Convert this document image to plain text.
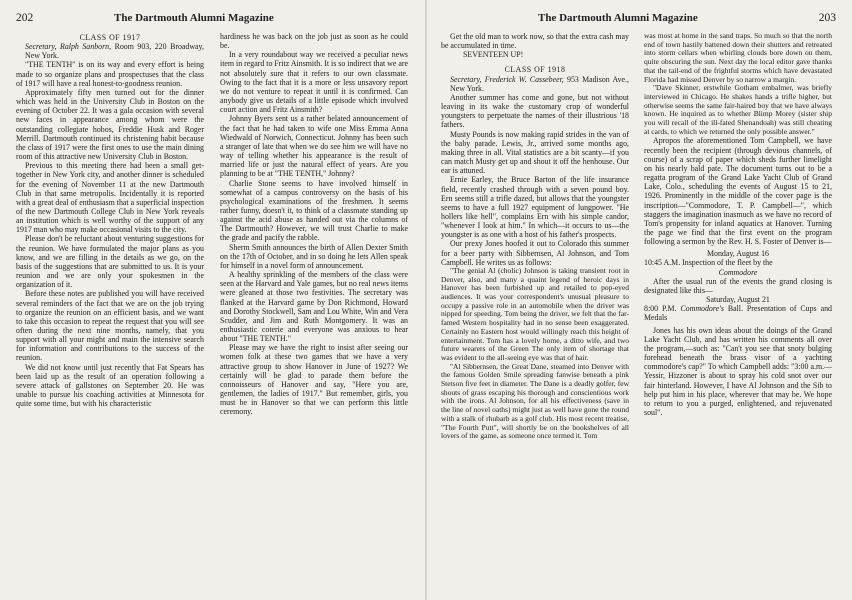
202	The Dartmouth Alumni Magazine

CLASS OF 1917

Secretary, Ralph Sanborn, Room 903, 220 Broadway, New York.

"THE TENTH" is on its way and every effort is being made to so organize plans and prospectuses that the class of 1917 will have a real honest-to-goodness reunion.

Approximately fifty men turned out for the dinner which was held in the University Club in Boston on the evening of October 22. It was a gala occasion with several new faces in appearance among whom were the outstanding collegiate hobos, Freddie Husk and Roger Merrill. Dartmouth continued its christening habit because the class of 1917 were the first ones to use the main dining room of this attractive new University Club in Boston.

Previous to this meeting there had been a small get-together in New York city, and another dinner is scheduled for the evening of November 11 at the new Dartmouth Club in that same metropolis. Incidentally it is reported with a great deal of enthusiasm that a superficial inspection of the new Dartmouth College Club in New York reveals an institution which is well worthy of the support of any 1917 man who may make occasional visits to the city.

Please don't be reluctant about venturing suggestions for the reunion. We have formulated the major plans as you know, and we are filling in the details as we go, on the basis of the suggestions that are submitted to us. It is your reunion and we are only your spokesmen in the organization of it.

Before these notes are published you will have received several reminders of the fact that we are on the job trying to organize the reunion on an efficient basis, and we want to take this occasion to repeat the request that you will see often during the next nine months, namely, that you support with all your might and main the intensive search for information and contributions to the success of the reunion.

We did not know until just recently that Fat Spears has been laid up as the result of an operation following a severe attack of gallstones on September 20. He was unable to pursue his coaching activities at Minnesota for quite some time, but with his characteristic

hardiness he was back on the job just as soon as he could be.

In a very roundabout way we received a peculiar news item in regard to Fritz Ainsmith. It is so indirect that we are not absolutely sure that it refers to our own classmate. Owing to the fact that it is a more or less unsavory report we do not venture to repeat it until it is confirmed. Can anybody give us details of a little episode which involved court action and Fritz Ainsmith?

Johnny Byers sent us a rather belated announcement of the fact that he had taken to wife one Miss Emma Anna Wiedwald of Norwich, Connecticut. Johnny has been such a stranger of late that when we do see him we will have no way of telling whether his appearance is the result of married life or just the natural effect of years. Are you planning to be at "THE TENTH," Johnny?

Charlie Stone seems to have involved himself in somewhat of a campus controversy on the basis of his psychological examinations of the freshmen. It seems rather funny, doesn't it, to think of a classmate standing up against the acid abuse as handed out via the columns of The Dartmouth? However, we will trust Charlie to make the grade and pacify the rabble.

Sherm Smith announces the birth of Allen Dexter Smith on the 17th of October, and in so doing he lets Allen speak for himself in a novel form of announcement.

A healthy sprinkling of the members of the class were seen at the Harvard and Yale games, but no real news items were gleaned at those two festivities. The secretary was flanked at the Harvard game by Don Richmond, Howard and Dorothy Stockwell, Sam and Lou White, Win and Vera Scudder, and Jim and Ruth Montgomery. It was an enthusiastic coterie and everyone was anxious to hear about "THE TENTH."

Please may we have the right to insist after seeing our women folk at these two games that we have a very attractive group to show Hanover in June of 1927? We certainly will be glad to parade them before the connoisseurs of Hanover and say, "Here you are, gentlemen, the ladies of 1917." But remember, girls, you must be in Hanover so that we can perform this little ceremony.

The Dartmouth Alumni Magazine	203

Get the old man to work now, so that the extra cash may be accumulated in time.

SEVENTEEN UP!

CLASS OF 1918

Secretary, Frederick W. Cassebeer, 953 Madison Ave., New York.

Another summer has come and gone, but not without leaving in its wake the customary crop of wonderful youngsters to perpetuate the names of their illustrious '18 fathers.

Musty Pounds is now making rapid strides in the van of the baby parade. Lewis, Jr., arrived some months ago, making three in all. Vital statistics are a bit scanty—if you can match Musty get up and shout it off the henhouse. Our ear is attuned.

Ernie Earley, the Bruce Barton of the life insurance field, recently crashed through with a seven pound boy. Ern seems still a trifle dazed, but allows that the youngster seems to have a full 1927 equipment of lungpower. "He hollers like hell", complains Ern with his simple candor, "whenever I look at him." In which—it occurs to us—the youngster is as one with a host of his father's prospects.

Our prexy Jones hoofed it out to Colorado this summer for a beer party with Sibbernsen, Al Johnson, and Tom Campbell. He writes us as follows:

"The genial Al (cholic) Johnson is taking transient root in Denver, also, and many a quaint legend of heroic days in Hanover has been furbished up and retailed to pop-eyed audiences. It was your correspondent's unusual pleasure to occupy a passive role in an automobile when the driver was nipped for speeding. Tom being the driver, we felt that the far-famed Western hospitality had in no sense been exaggerated. Certainly no Eastern host would willingly reach this height of entertainment. Tom has a lovely home, a ditto wife, and two future wearers of the Green The only item of shortage that was evident to the all-seeing eye was that of hair.

"Al Sibbernsen, the Great Dane, steamed into Denver with the famous Golden Smile spreading fanwise beneath a pink Stetson five feet in diameter. The Dane is a deadly golfer, few shouts of grass escaping his thorough and conscientious work with the irons. Al Johnson, for all his effectiveness (save in the line of novel oaths) might just as well have gone the round with a stalk of rhubarb as a golf club. His most recent treatise, "The Fourth Putt", will shortly be on the bookshelves of all lovers of the game, as someone once termed it. Tom

was most at home in the sand traps. So much so that the north end of town hastily battened down their shutters and retreated into storm cellars when whirling clouds bore down on them, quite obscuring the sun. Next day the local editor gave thanks that the tail-end of the frightful storms which have devastated Florida had missed Denver by so narrow a margin.

"Dave Skinner, erstwhile Gotham embalmer, was briefly interviewed in Chicago. He shakes hands a trifle higher, but otherwise seems the same fair-haired boy that we have always known. He inquired as to whether Blimp Morey (sister ship you will recall of the ill-fated Shenandoah) was still cheating at cards, to which we returned the only possible answer."

Apropos the aforementioned Tom Campbell, we have recently been the recipient (through devious channels, of course) of a scrap of paper which sheds further limelight on his nearly bald pate. The document turns out to be a regatta program of the Grand Lake Yacht Club of Grand Lake, Colo., scheduling the events of August 15 to 21, 1926. Prominently in the middle of the cover page is the inscription—"Commodore, T. P. Campbell—", which staggers the imagination inasmuch as we have no record of Tom's propensity for inland aquatics at Hanover. Turning the page we find that the first event on the program following a sermon by the Rev. H. S. Foster of Denver is—

Monday, August 16

10:45 A.M. Inspection of the fleet by the

Commodore

After the usual run of the events the grand closing is designated like this—

Saturday, August 21

8:00 P.M. Commodore's Ball. Presentation of Cups and Medals

Jones has his own ideas about the doings of the Grand Lake Yacht Club, and has written his comments all over the program,—such as: "Can't you see that snoty bulging forehead beneath the brass visor of a yachting commodore's cap?" To which Campbell adds: "3:00 a.m.—Yessir, Hizzoner is about to spray his cold snot over our fair hinterland. However, I have Al Johnson and the Sib to help put him in his place, wherever that may be. We hope to return to you a purged, enlightened, and rejuvenated soul".
